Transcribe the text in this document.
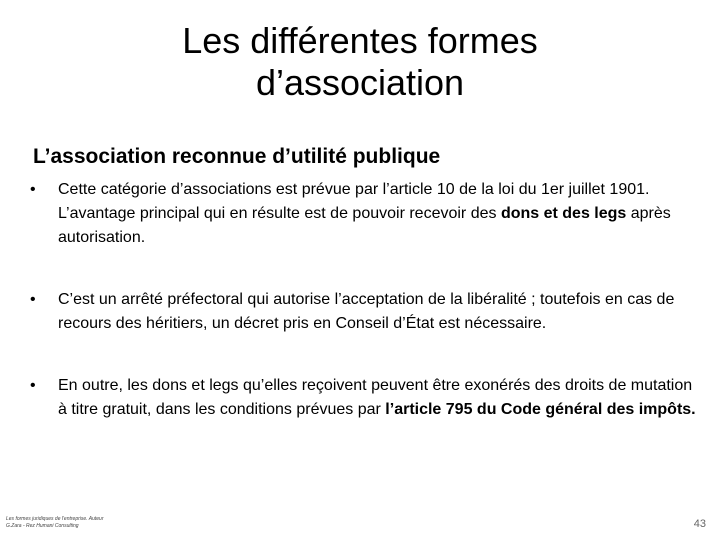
Les différentes formes
d’association
L’association reconnue d’utilité publique
• Cette catégorie d’associations est prévue par l’article 10 de la loi du 1er juillet 1901. L’avantage principal qui en résulte est de pouvoir recevoir des dons et des legs après autorisation.
• C’est un arrêté préfectoral qui autorise l’acceptation de la libéralité ; toutefois en cas de recours des héritiers, un décret pris en Conseil d’État est nécessaire.
• En outre, les dons et legs qu’elles reçoivent peuvent être exonérés des droits de mutation à titre gratuit, dans les conditions prévues par l’article 795 du Code général des impôts.
Les formes juridiques de l'entreprise. Auteur
G.Zara - Rez Humani Consulting	43
